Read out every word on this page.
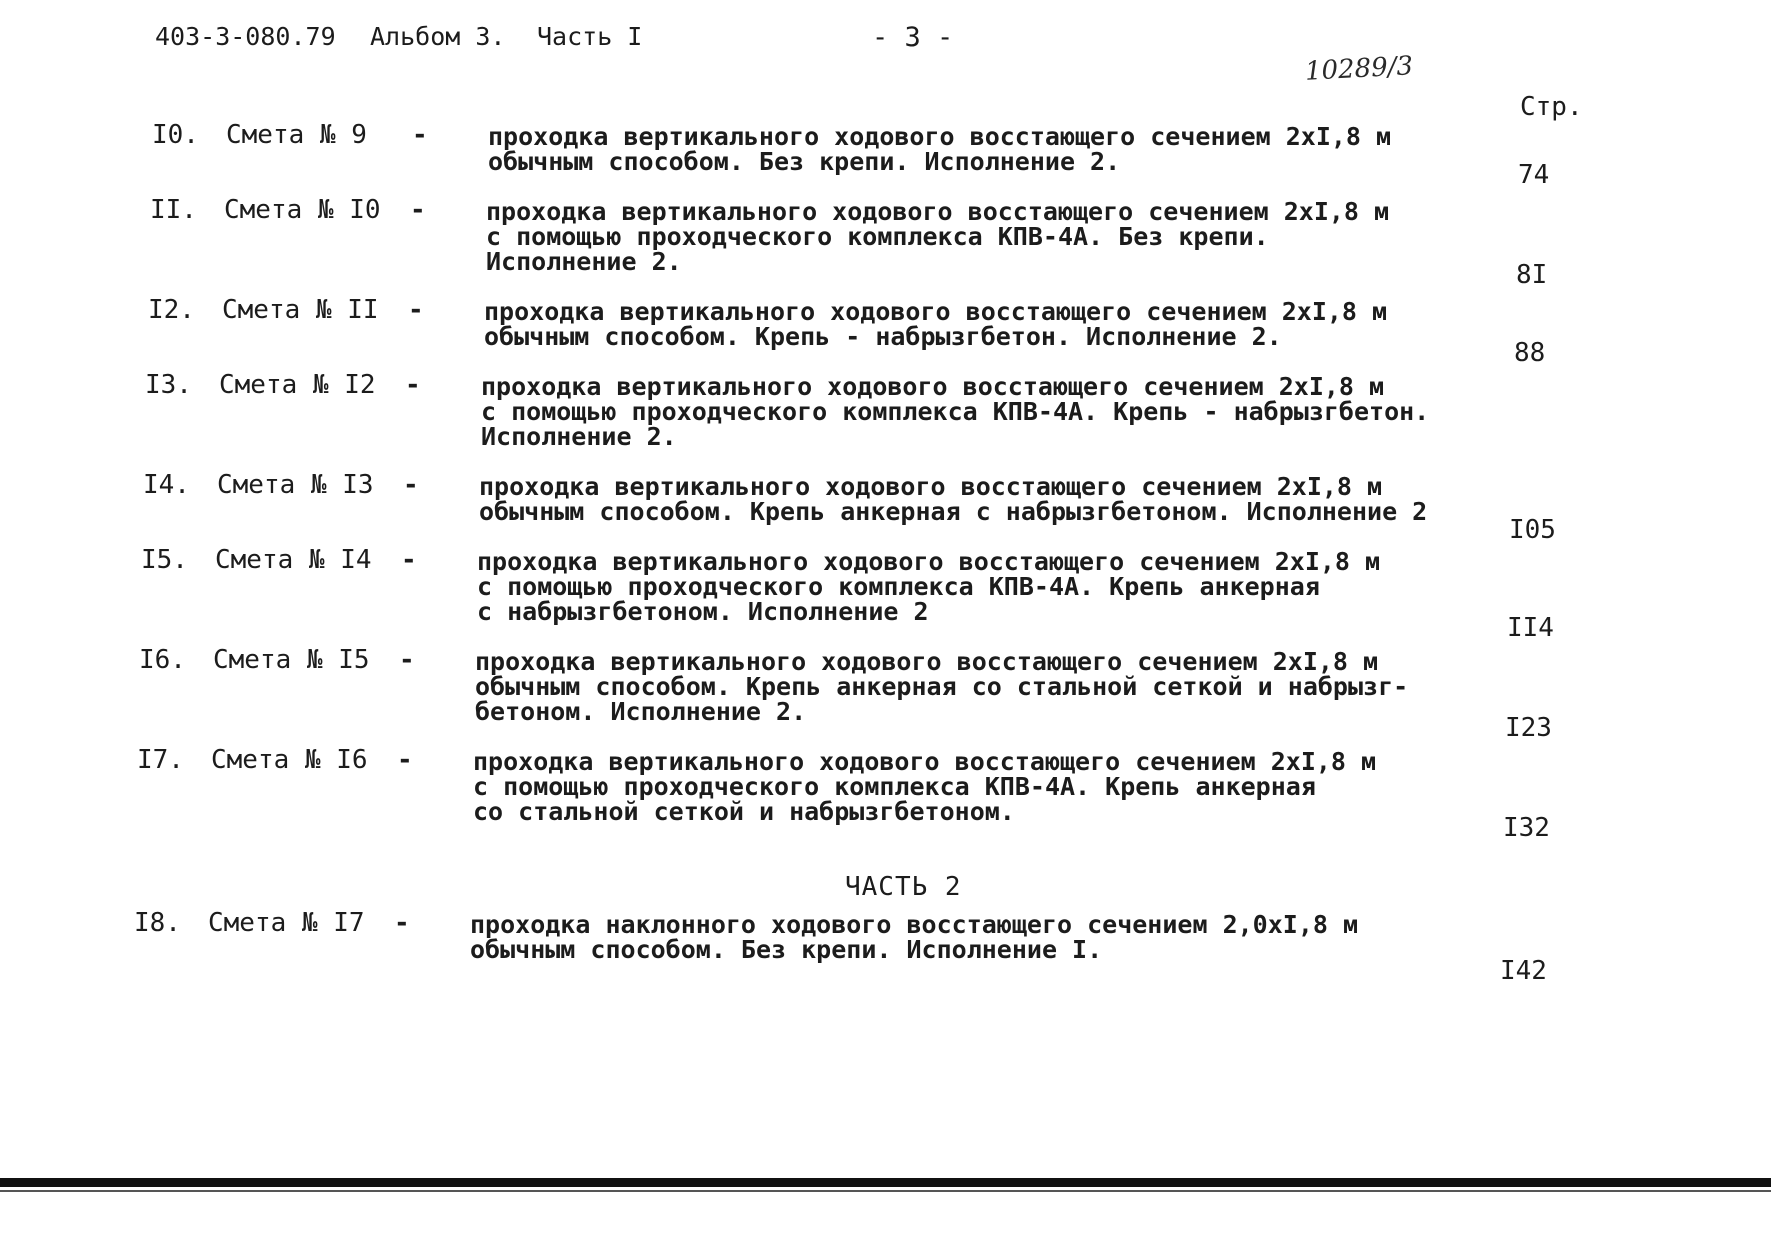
403-3-080.79 Альбом 3. Часть I	- 3 -
10289/3
Стр.
I0. Смета № 9 - проходка вертикального ходового восстающего сечением 2хI,8 м
обычным способом. Без крепи. Исполнение 2.	74
II. Смета № I0 - проходка вертикального ходового восстающего сечением 2хI,8 м
с помощью проходческого комплекса КПВ-4А. Без крепи.
Исполнение 2.	8I
I2. Смета № II - проходка вертикального ходового восстающего сечением 2хI,8 м
обычным способом. Крепь - набрызгбетон. Исполнение 2.
88
I3. Смета № I2 - проходка вертикального ходового восстающего сечением 2хI,8 м
с помощью проходческого комплекса КПВ-4А. Крепь - набрызгбетон.
Исполнение 2.
I4. Смета № I3 - проходка вертикального ходового восстающего сечением 2хI,8 м
обычным способом. Крепь анкерная с набрызгбетоном. Исполнение 2
I05
I5. Смета № I4 - проходка вертикального ходового восстающего сечением 2хI,8 м
с помощью проходческого комплекса КПВ-4А. Крепь анкерная
с набрызгбетоном. Исполнение 2
II4
I6. Смета № I5 - проходка вертикального ходового восстающего сечением 2хI,8 м
обычным способом. Крепь анкерная со стальной сеткой и набрызг-
бетоном. Исполнение 2.
I23
I7. Смета № I6 - проходка вертикального ходового восстающего сечением 2хI,8 м
с помощью проходческого комплекса КПВ-4А. Крепь анкерная
со стальной сеткой и набрызгбетоном.
I32
I8. Смета № I7 - проходка наклонного ходового восстающего сечением 2,0хI,8 м
обычным способом. Без крепи. Исполнение I.
I42
ЧАСТЬ 2
